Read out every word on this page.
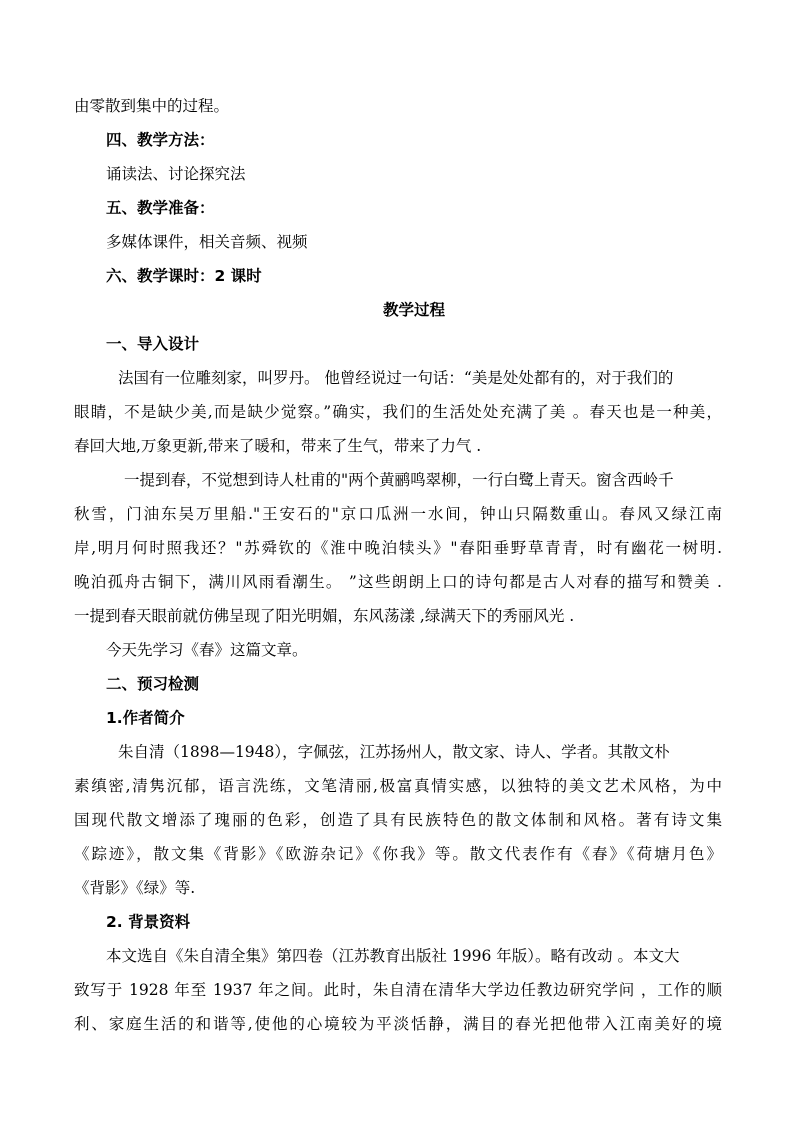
由零散到集中的过程。
四、教学方法：
诵读法、讨论探究法
五、教学准备：
多媒体课件，相关音频、视频
六、教学课时：2 课时
教学过程
一、导入设计
法国有一位雕刻家，叫罗丹。 他曾经说过一句话：“美是处处都有的，对于我们的
眼睛，不是缺少美,而是缺少觉察。”确实，我们的生活处处充满了美 。春天也是一种美，
春回大地,万象更新,带来了暖和，带来了生气，带来了力气 .
一提到春，不觉想到诗人杜甫的"两个黄鹂鸣翠柳，一行白鹭上青天。窗含西岭千
秋雪，门油东吴万里船."王安石的"京口瓜洲一水间，钟山只隔数重山。春风又绿江南
岸,明月何时照我还？"苏舜钦的《淮中晚泊犊头》"春阳垂野草青青，时有幽花一树明.
晚泊孤舟古铜下，满川风雨看潮生。 ”这些朗朗上口的诗句都是古人对春的描写和赞美 .
一提到春天眼前就仿佛呈现了阳光明媚，东风荡漾 ,绿满天下的秀丽风光 .
今天先学习《春》这篇文章。
二、预习检测
1.作者简介
朱自清（1898—1948），字佩弦，江苏扬州人，散文家、诗人、学者。其散文朴
素缜密,清隽沉郁，语言洗练，文笔清丽,极富真情实感，以独特的美文艺术风格，为中
国现代散文增添了瑰丽的色彩，创造了具有民族特色的散文体制和风格。著有诗文集
《踪迹》，散文集《背影》《欧游杂记》《你我》等。散文代表作有《春》《荷塘月色》
《背影》《绿》等.
2. 背景资料
本文选自《朱自清全集》第四卷（江苏教育出版社 1996 年版）。略有改动 。本文大
致写于 1928 年至 1937 年之间。此时，朱自清在清华大学边任教边研究学问 ，工作的顺
利、家庭生活的和谐等,使他的心境较为平淡恬静，满目的春光把他带入江南美好的境
